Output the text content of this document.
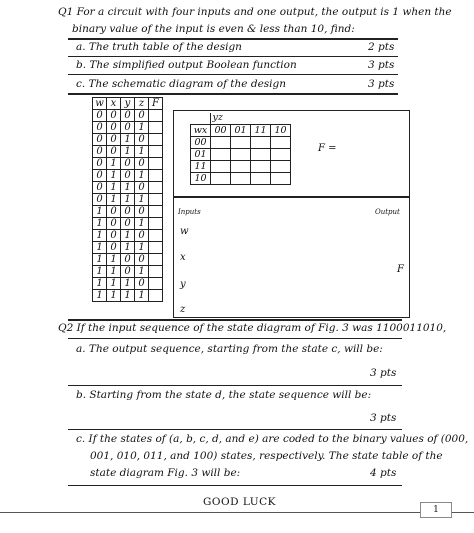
Q1 For a circuit with four inputs and one output, the output is 1 when the
binary value of the input is even & less than 10, find:
a. The truth table of the design	2 pts
b. The simplified output Boolean function	3 pts
c. The schematic diagram of the design	3 pts
w	x	y	z	F
0	0	0	0	
0	0	0	1	
0	0	1	0	
0	0	1	1	
0	1	0	0	
0	1	0	1	
0	1	1	0	
0	1	1	1	
1	0	0	0	
1	0	0	1	
1	0	1	0	
1	0	1	1	
1	1	0	0	
1	1	0	1	
1	1	1	0	
1	1	1	1	
yz				

wx	00	01	11	10
00				
01				
11				
10				
F =
Inputs	Output
w
x
y
z
F
Q2 If the input sequence of the state diagram of Fig. 3 was 1100011010,
a. The output sequence, starting from the state c, will be:
3 pts
b. Starting from the state d, the state sequence will be:
3 pts
c. If the states of (a, b, c, d, and e) are coded to the binary values of (000,
001, 010, 011, and 100) states, respectively. The state table of the
state diagram Fig. 3 will be:	4 pts
GOOD LUCK
1
